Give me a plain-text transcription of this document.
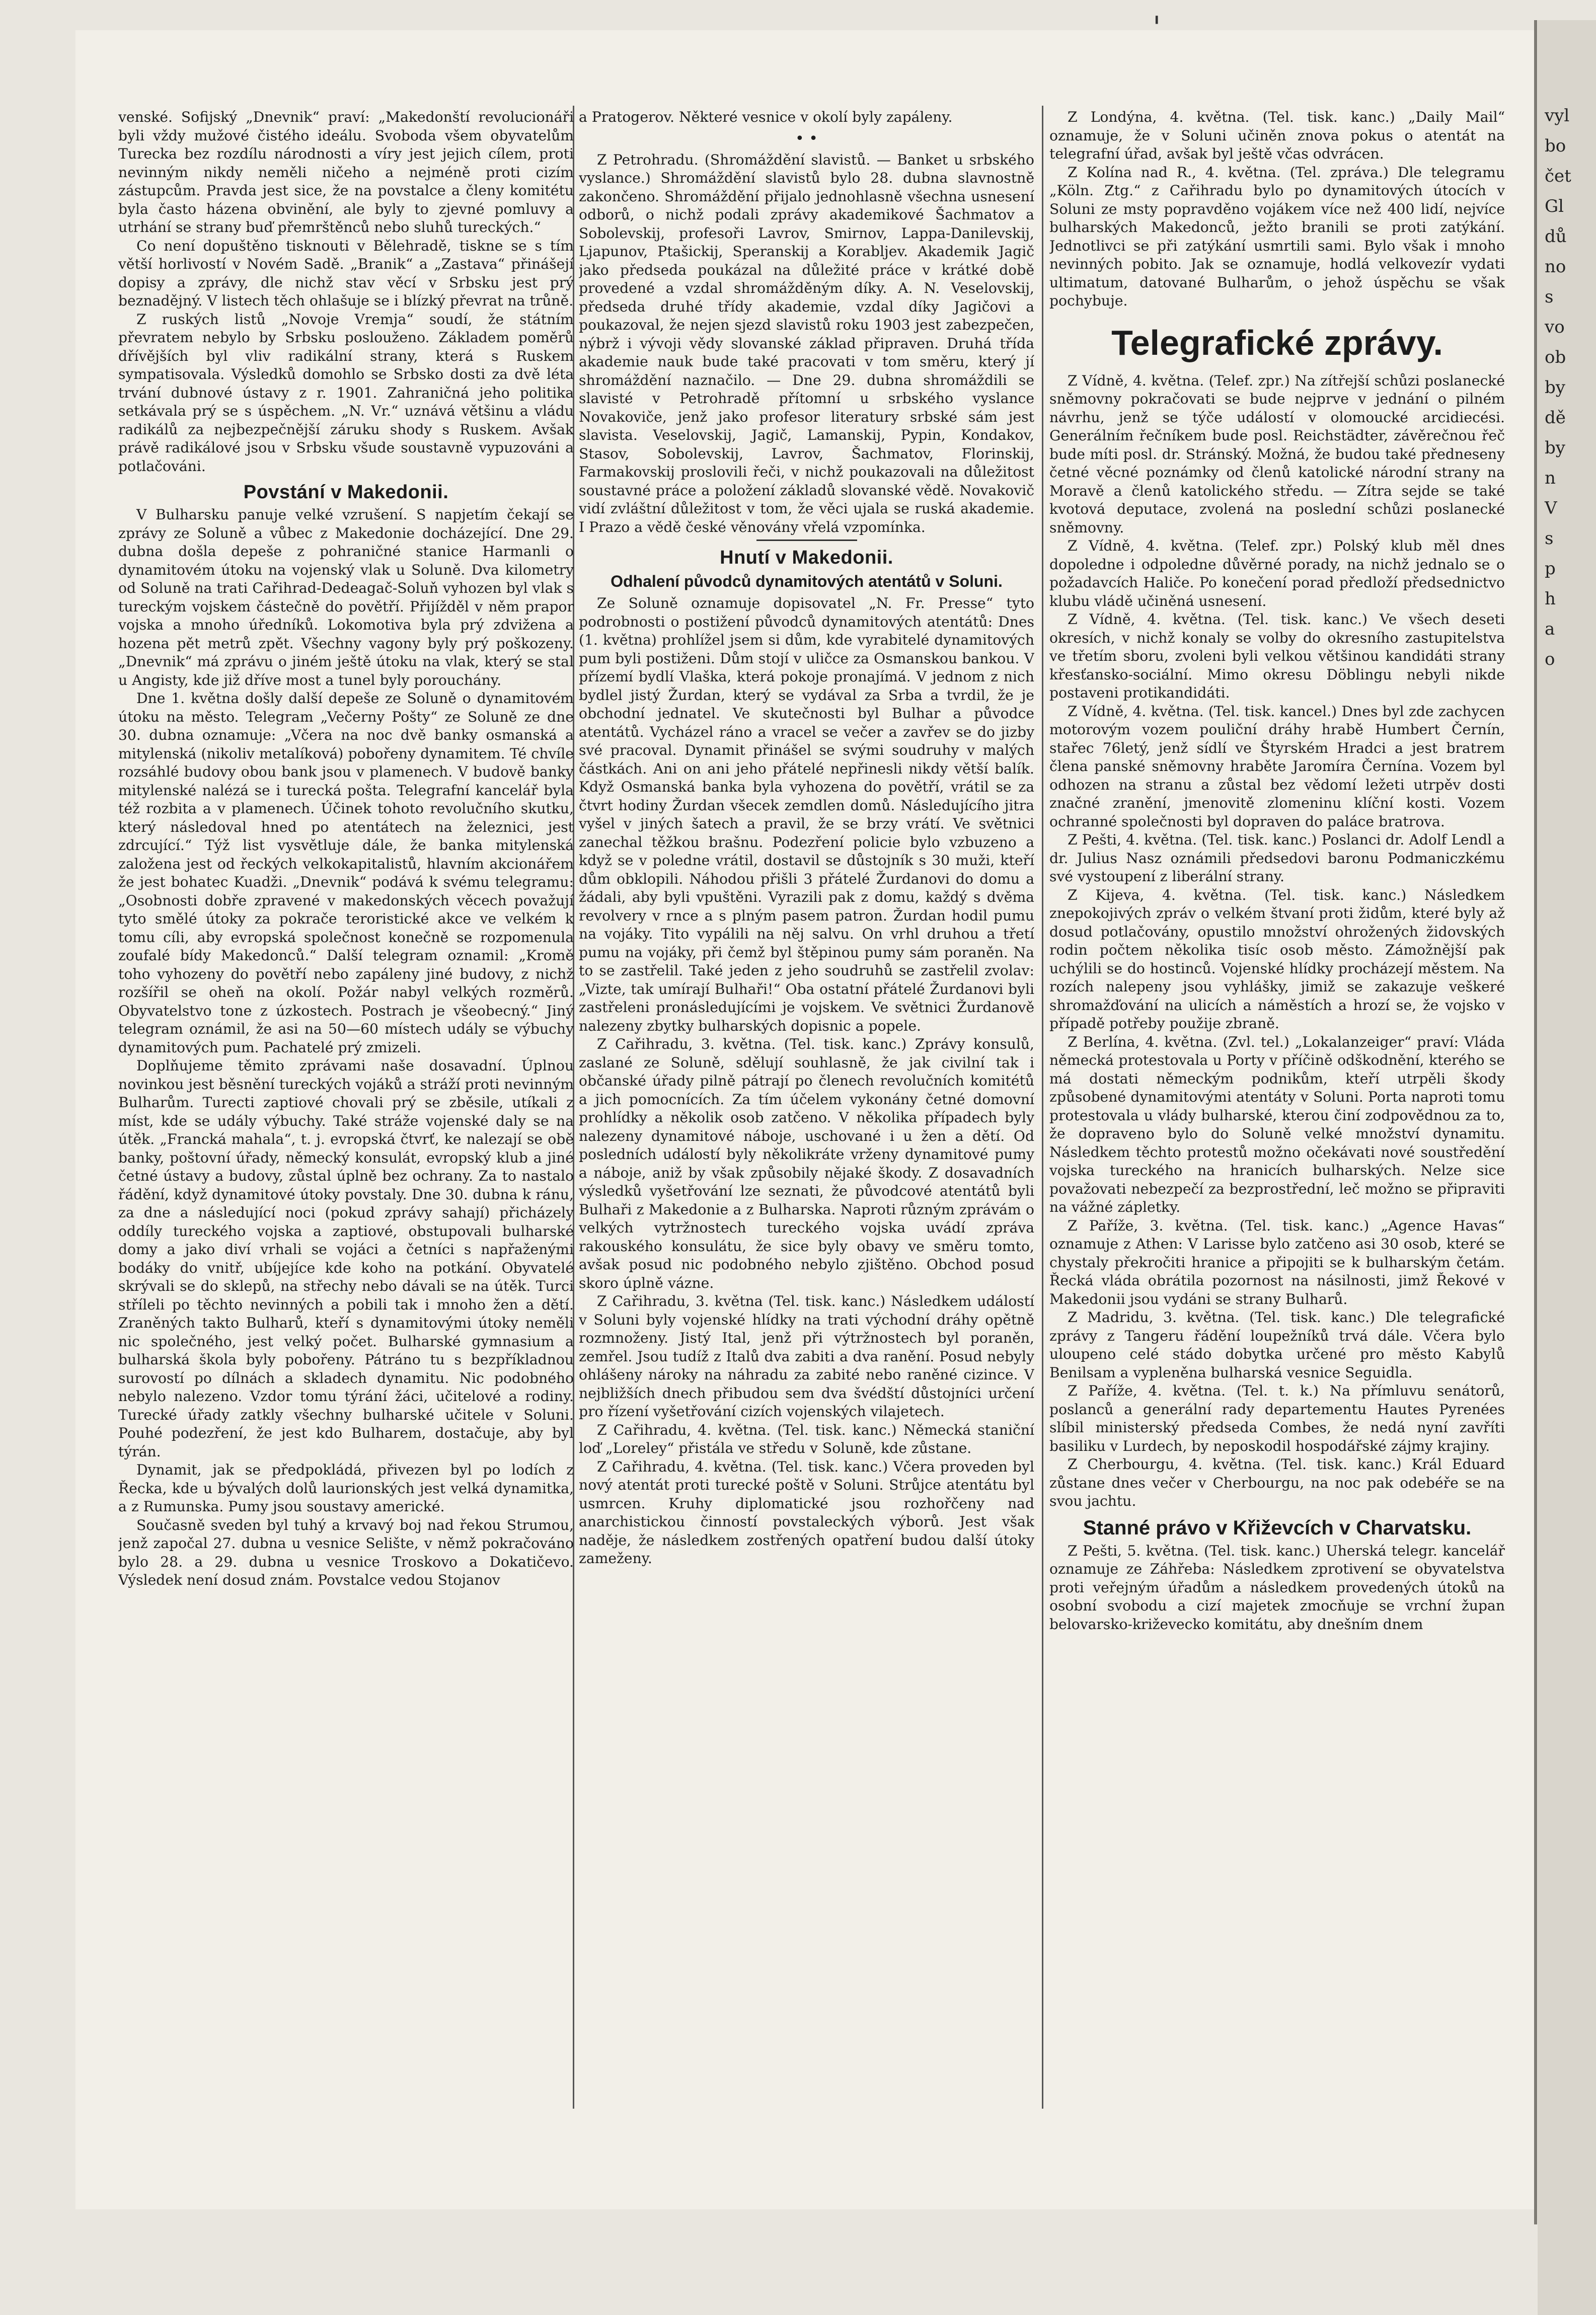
vyl
bo
čet
Gl
dů
no
s
vo
ob
by
dě
by
n
V
s
p
h
a
o
'

venské. Sofijský „Dnevnik“ praví: „Makedonští revolucionáři byli vždy mužové čistého ideálu. Svoboda všem obyvatelům Turecka bez rozdílu národnosti a víry jest jejich cílem, proti nevinným nikdy neměli ničeho a nejméně proti cizím zástupcům. Pravda jest sice, že na povstalce a členy komitétu byla často házena obvinění, ale byly to zjevné pomluvy a utrhání se strany buď přemrštěnců nebo sluhů tureckých.“

Co není dopuštěno tisknouti v Bělehradě, tiskne se s tím větší horlivostí v Novém Sadě. „Branik“ a „Zastava“ přinášejí dopisy a zprávy, dle nichž stav věcí v Srbsku jest prý beznadějný. V listech těch ohlašuje se i blízký převrat na trůně.

Z ruských listů „Novoje Vremja“ soudí, že státním převratem nebylo by Srbsku poslouženo. Základem poměrů dřívějších byl vliv radikální strany, která s Ruskem sympatisovala. Výsledků domohlo se Srbsko dosti za dvě léta trvání dubnové ústavy z r. 1901. Zahraničná jeho politika setkávala prý se s úspěchem. „N. Vr.“ uznává většinu a vládu radikálů za nejbezpečnější záruku shody s Ruskem. Avšak právě radikálové jsou v Srbsku všude soustavně vypuzováni a potlačováni.

Povstání v Makedonii.

V Bulharsku panuje velké vzrušení. S napjetím čekají se zprávy ze Soluně a vůbec z Makedonie docházející. Dne 29. dubna došla depeše z pohraničné stanice Harmanli o dynamitovém útoku na vojenský vlak u Soluně. Dva kilometry od Soluně na trati Cařihrad-Dedeagač-Soluň vyhozen byl vlak s tureckým vojskem částečně do povětří. Přijížděl v něm prapor vojska a mnoho úředníků. Lokomotiva byla prý zdvižena a hozena pět metrů zpět. Všechny vagony byly prý poškozeny. „Dnevnik“ má zprávu o jiném ještě útoku na vlak, který se stal u Angisty, kde již dříve most a tunel byly porouchány.

Dne 1. května došly další depeše ze Soluně o dynamitovém útoku na město. Telegram „Večerny Pošty“ ze Soluně ze dne 30. dubna oznamuje: „Včera na noc dvě banky osmanská a mitylenská (nikoliv metalíková) pobořeny dynamitem. Té chvíle rozsáhlé budovy obou bank jsou v plamenech. V budově banky mitylenské nalézá se i turecká pošta. Telegrafní kancelář byla též rozbita a v plamenech. Účinek tohoto revolučního skutku, který následoval hned po atentátech na železnici, jest zdrcující.“ Týž list vysvětluje dále, že banka mitylenská založena jest od řeckých velkokapitalistů, hlavním akcionářem že jest bohatec Kuadži. „Dnevnik“ podává k svému telegramu: „Osobnosti dobře zpravené v makedonských věcech považují tyto smělé útoky za pokrače teroristické akce ve velkém k tomu cíli, aby evropská společnost konečně se rozpomenula zoufalé bídy Makedonců.“ Další telegram oznamil: „Kromě toho vyhozeny do povětří nebo zapáleny jiné budovy, z nichž rozšířil se oheň na okolí. Požár nabyl velkých rozměrů. Obyvatelstvo tone z úzkostech. Postrach je všeobecný.“ Jiný telegram oznámil, že asi na 50—60 místech udály se výbuchy dynamitových pum. Pachatelé prý zmizeli.

Doplňujeme těmito zprávami naše dosavadní. Úplnou novinkou jest běsnění tureckých vojáků a stráží proti nevinným Bulharům. Turecti zaptiové chovali prý se zběsile, utíkali z míst, kde se udály výbuchy. Také stráže vojenské daly se na útěk. „Francká mahala“, t. j. evropská čtvrť, ke nalezají se obě banky, poštovní úřady, německý konsulát, evropský klub a jiné četné ústavy a budovy, zůstal úplně bez ochrany. Za to nastalo řádění, když dynamitové útoky povstaly. Dne 30. dubna k ránu, za dne a následující noci (pokud zprávy sahají) přicházely oddíly tureckého vojska a zaptiové, obstupovali bulharské domy a jako diví vrhali se vojáci a četníci s napřaženými bodáky do vnitř, ubíjejíce kde koho na potkání. Obyvatelé skrývali se do sklepů, na střechy nebo dávali se na útěk. Turci stříleli po těchto nevinných a pobili tak i mnoho žen a dětí. Zraněných takto Bulharů, kteří s dynamitovými útoky neměli nic společného, jest velký počet. Bulharské gymnasium a bulharská škola byly pobořeny. Pátráno tu s bezpříkladnou surovostí po dílnách a skladech dynamitu. Nic podobného nebylo nalezeno. Vzdor tomu týrání žáci, učitelové a rodiny. Turecké úřady zatkly všechny bulharské učitele v Soluni. Pouhé podezření, že jest kdo Bulharem, dostačuje, aby byl týrán.

Dynamit, jak se předpokládá, přivezen byl po lodích z Řecka, kde u bývalých dolů laurionských jest velká dynamitka, a z Rumunska. Pumy jsou soustavy americké.

Současně sveden byl tuhý a krvavý boj nad řekou Strumou, jenž započal 27. dubna u vesnice Selište, v němž pokračováno bylo 28. a 29. dubna u vesnice Troskovo a Dokatičevo. Výsledek není dosud znám. Povstalce vedou Stojanov

a Pratogerov. Některé vesnice v okolí byly zapáleny.

• •

Z Petrohradu. (Shromáždění slavistů. — Banket u srbského vyslance.) Shromáždění slavistů bylo 28. dubna slavnostně zakončeno. Shromáždění přijalo jednohlasně všechna usnesení odborů, o nichž podali zprávy akademikové Šachmatov a Sobolevskij, profesoři Lavrov, Smirnov, Lappa-Danilevskij, Ljapunov, Ptašickij, Speranskij a Korabljev. Akademik Jagič jako předseda poukázal na důležité práce v krátké době provedené a vzdal shromážděným díky. A. N. Veselovskij, předseda druhé třídy akademie, vzdal díky Jagičovi a poukazoval, že nejen sjezd slavistů roku 1903 jest zabezpečen, nýbrž i vývoji vědy slovanské základ připraven. Druhá třída akademie nauk bude také pracovati v tom směru, který jí shromáždění naznačilo. — Dne 29. dubna shromáždili se slavisté v Petrohradě přítomní u srbského vyslance Novakoviče, jenž jako profesor literatury srbské sám jest slavista. Veselovskij, Jagič, Lamanskij, Pypin, Kondakov, Stasov, Sobolevskij, Lavrov, Šachmatov, Florinskij, Farmakovskij proslovili řeči, v nichž poukazovali na důležitost soustavné práce a položení základů slovanské vědě. Novakovič vidí zvláštní důležitost v tom, že věci ujala se ruská akademie. I Prazo a vědě české věnovány vřelá vzpomínka.

Hnutí v Makedonii.
Odhalení původců dynamitových atentátů v Soluni.

Ze Soluně oznamuje dopisovatel „N. Fr. Presse“ tyto podrobnosti o postižení původců dynamitových atentátů: Dnes (1. května) prohlížel jsem si dům, kde vyrabitelé dynamitových pum byli postiženi. Dům stojí v uličce za Osmanskou bankou. V přízemí bydlí Vlaška, která pokoje pronajímá. V jednom z nich bydlel jistý Žurdan, který se vydával za Srba a tvrdil, že je obchodní jednatel. Ve skutečnosti byl Bulhar a původce atentátů. Vycházel ráno a vracel se večer a zavřev se do jizby své pracoval. Dynamit přinášel se svými soudruhy v malých částkách. Ani on ani jeho přátelé nepřinesli nikdy větší balík. Když Osmanská banka byla vyhozena do povětří, vrátil se za čtvrt hodiny Žurdan všecek zemdlen domů. Následujícího jitra vyšel v jiných šatech a pravil, že se brzy vrátí. Ve světnici zanechal těžkou brašnu. Podezření policie bylo vzbuzeno a když se v poledne vrátil, dostavil se důstojník s 30 muži, kteří dům obklopili. Náhodou přišli 3 přátelé Žurdanovi do domu a žádali, aby byli vpuštěni. Vyrazili pak z domu, každý s dvěma revolvery v rnce a s plným pasem patron. Žurdan hodil pumu na vojáky. Tito vypálili na něj salvu. On vrhl druhou a třetí pumu na vojáky, při čemž byl štěpinou pumy sám poraněn. Na to se zastřelil. Také jeden z jeho soudruhů se zastřelil zvolav: „Vizte, tak umírají Bulhaři!“ Oba ostatní přátelé Žurdanovi byli zastřeleni pronásledujícími je vojskem. Ve světnici Žurdanově nalezeny zbytky bulharských dopisnic a popele.

Z Cařihradu, 3. května. (Tel. tisk. kanc.) Zprávy konsulů, zaslané ze Soluně, sdělují souhlasně, že jak civilní tak i občanské úřady pilně pátrají po členech revolučních komitétů a jich pomocnících. Za tím účelem vykonány četné domovní prohlídky a několik osob zatčeno. V několika případech byly nalezeny dynamitové náboje, uschované i u žen a dětí. Od posledních událostí byly několikráte vrženy dynamitové pumy a náboje, aniž by však způsobily nějaké škody. Z dosavadních výsledků vyšetřování lze seznati, že původcové atentátů byli Bulhaři z Makedonie a z Bulharska. Naproti různým zprávám o velkých vytržnostech tureckého vojska uvádí zpráva rakouského konsulátu, že sice byly obavy ve směru tomto, avšak posud nic podobného nebylo zjištěno. Obchod posud skoro úplně vázne.

Z Cařihradu, 3. května (Tel. tisk. kanc.) Následkem událostí v Soluni byly vojenské hlídky na trati východní dráhy opětně rozmnoženy. Jistý Ital, jenž při výtržnostech byl poraněn, zemřel. Jsou tudíž z Italů dva zabiti a dva ranění. Posud nebyly ohlášeny nároky na náhradu za zabité nebo raněné cizince. V nejbližších dnech přibudou sem dva švédští důstojníci určení pro řízení vyšetřování cizích vojenských vilajetech.

Z Cařihradu, 4. května. (Tel. tisk. kanc.) Německá staniční loď „Loreley“ přistála ve středu v Soluně, kde zůstane.

Z Cařihradu, 4. května. (Tel. tisk. kanc.) Včera proveden byl nový atentát proti turecké poště v Soluni. Strůjce atentátu byl usmrcen. Kruhy diplomatické jsou rozhořčeny nad anarchistickou činností povstaleckých výborů. Jest však naděje, že následkem zostřených opatření budou další útoky zameženy.

Z Londýna, 4. května. (Tel. tisk. kanc.) „Daily Mail“ oznamuje, že v Soluni učiněn znova pokus o atentát na telegrafní úřad, avšak byl ještě včas odvrácen.

Z Kolína nad R., 4. května. (Tel. zpráva.) Dle telegramu „Köln. Ztg.“ z Cařihradu bylo po dynamitových útocích v Soluni ze msty popravděno vojákem více než 400 lidí, nejvíce bulharských Makedonců, ježto branili se proti zatýkání. Jednotlivci se při zatýkání usmrtili sami. Bylo však i mnoho nevinných pobito. Jak se oznamuje, hodlá velkovezír vydati ultimatum, datované Bulharům, o jehož úspěchu se však pochybuje.

Telegrafické zprávy.

Z Vídně, 4. května. (Telef. zpr.) Na zítřejší schůzi poslanecké sněmovny pokračovati se bude nejprve v jednání o pilném návrhu, jenž se týče událostí v olomoucké arcidiecési. Generálním řečníkem bude posl. Reichstädter, závěrečnou řeč bude míti posl. dr. Stránský. Možná, že budou také předneseny četné věcné poznámky od členů katolické národní strany na Moravě a členů katolického středu. — Zítra sejde se také kvotová deputace, zvolená na poslední schůzi poslanecké sněmovny.

Z Vídně, 4. května. (Telef. zpr.) Polský klub měl dnes dopoledne i odpoledne důvěrné porady, na nichž jednalo se o požadavcích Haliče. Po konečení porad předloží předsednictvo klubu vládě učiněná usnesení.

Z Vídně, 4. května. (Tel. tisk. kanc.) Ve všech deseti okresích, v nichž konaly se volby do okresního zastupitelstva ve třetím sboru, zvoleni byli velkou většinou kandidáti strany křesťansko-sociální. Mimo okresu Döblingu nebyli nikde postaveni protikandidáti.

Z Vídně, 4. května. (Tel. tisk. kancel.) Dnes byl zde zachycen motorovým vozem pouliční dráhy hrabě Humbert Černín, stařec 76letý, jenž sídlí ve Štyrském Hradci a jest bratrem člena panské sněmovny hraběte Jaromíra Černína. Vozem byl odhozen na stranu a zůstal bez vědomí ležeti utrpěv dosti značné zranění, jmenovitě zlomeninu klíční kosti. Vozem ochranné společnosti byl dopraven do paláce bratrova.

Z Pešti, 4. května. (Tel. tisk. kanc.) Poslanci dr. Adolf Lendl a dr. Julius Nasz oznámili předsedovi baronu Podmaniczkému své vystoupení z liberální strany.

Z Kijeva, 4. května. (Tel. tisk. kanc.) Následkem znepokojivých zpráv o velkém štvaní proti židům, které byly až dosud potlačovány, opustilo množství ohrožených židovských rodin počtem několika tisíc osob město. Zámožnější pak uchýlili se do hostinců. Vojenské hlídky procházejí městem. Na rozích nalepeny jsou vyhlášky, jimiž se zakazuje veškeré shromažďování na ulicích a náměstích a hrozí se, že vojsko v případě potřeby použije zbraně.

Z Berlína, 4. května. (Zvl. tel.) „Lokalanzeiger“ praví: Vláda německá protestovala u Porty v příčině odškodnění, kterého se má dostati německým podnikům, kteří utrpěli škody způsobené dynamitovými atentáty v Soluni. Porta naproti tomu protestovala u vlády bulharské, kterou činí zodpovědnou za to, že dopraveno bylo do Soluně velké množství dynamitu. Následkem těchto protestů možno očekávati nové soustředění vojska tureckého na hranicích bulharských. Nelze sice považovati nebezpečí za bezprostřední, leč možno se připraviti na vážné zápletky.

Z Paříže, 3. května. (Tel. tisk. kanc.) „Agence Havas“ oznamuje z Athen: V Larisse bylo zatčeno asi 30 osob, které se chystaly překročiti hranice a připojiti se k bulharským četám. Řecká vláda obrátila pozornost na násilnosti, jimž Řekové v Makedonii jsou vydáni se strany Bulharů.

Z Madridu, 3. května. (Tel. tisk. kanc.) Dle telegrafické zprávy z Tangeru řádění loupežníků trvá dále. Včera bylo uloupeno celé stádo dobytka určené pro město Kabylů Benilsam a vypleněna bulharská vesnice Seguidla.

Z Paříže, 4. května. (Tel. t. k.) Na přímluvu senátorů, poslanců a generální rady departementu Hautes Pyrenées slíbil ministerský předseda Combes, že nedá nyní zavříti basiliku v Lurdech, by neposkodil hospodářské zájmy krajiny.

Z Cherbourgu, 4. května. (Tel. tisk. kanc.) Král Eduard zůstane dnes večer v Cherbourgu, na noc pak odebéře se na svou jachtu.

Stanné právo v Křiževcích v Charvatsku.

Z Pešti, 5. května. (Tel. tisk. kanc.) Uherská telegr. kancelář oznamuje ze Záhřeba: Následkem zprotivení se obyvatelstva proti veřejným úřadům a následkem provedených útoků na osobní svobodu a cizí majetek zmocňuje se vrchní župan belovarsko-križevecko komitátu, aby dnešním dnem
